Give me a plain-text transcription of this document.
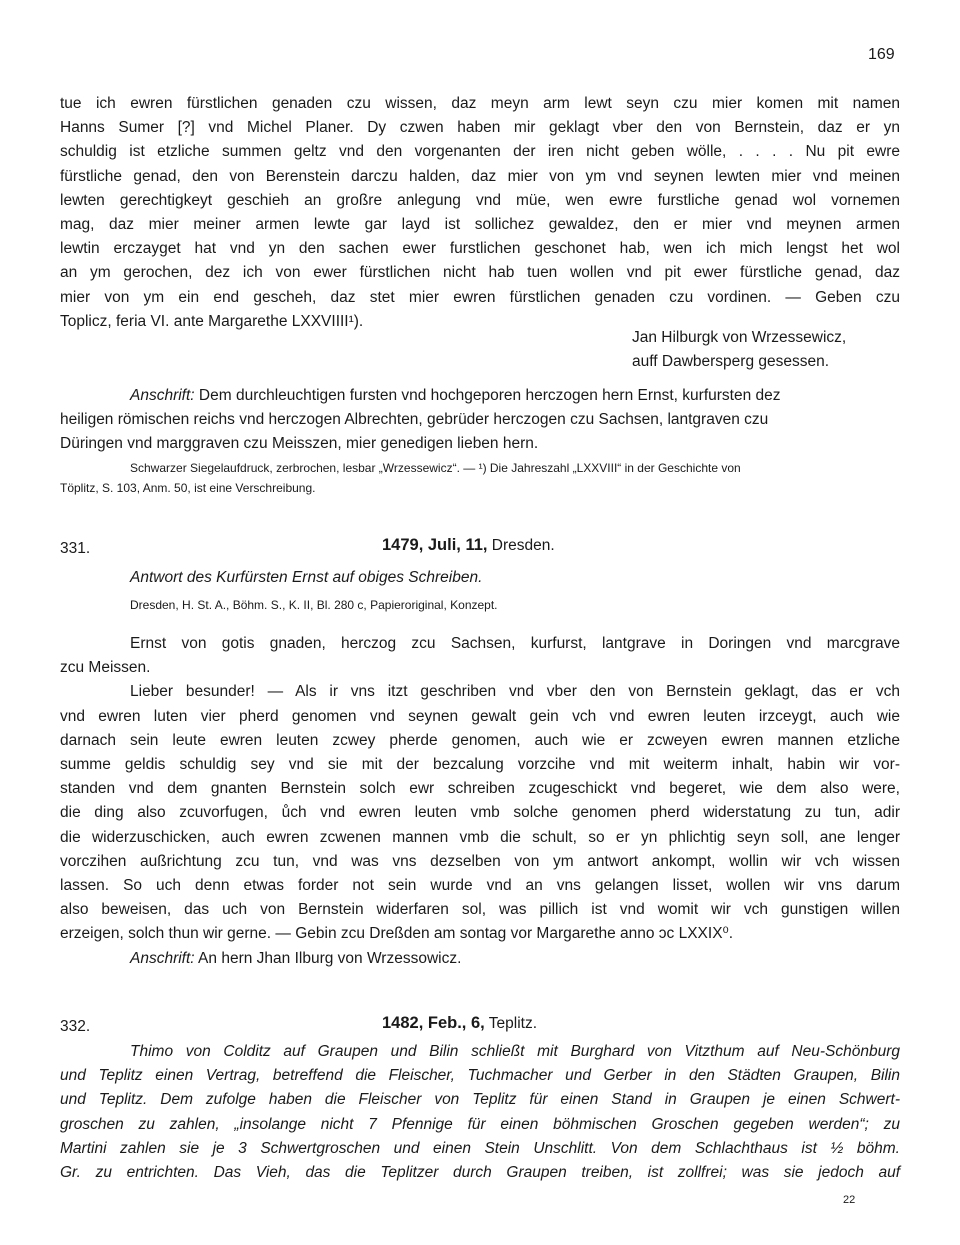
169
tue ich ewren fürstlichen genaden czu wissen, daz meyn arm lewt seyn czu mier komen mit namen
Hanns Sumer [?] vnd Michel Planer. Dy czwen haben mir geklagt vber den von Bernstein, daz er yn
schuldig ist etzliche summen geltz vnd den vorgenanten der iren nicht geben wölle, . . . . Nu pit ewre
fürstliche genad, den von Berenstein darczu halden, daz mier von ym vnd seynen lewten mier vnd meinen
lewten gerechtigkeyt geschieh an großre anlegung vnd müe, wen ewre furstliche genad wol vornemen
mag, daz mier meiner armen lewte gar layd ist sollichez gewaldez, den er mier vnd meynen armen
lewtin erczayget hat vnd yn den sachen ewer furstlichen geschonet hab, wen ich mich lengst het wol
an ym gerochen, dez ich von ewer fürstlichen nicht hab tuen wollen vnd pit ewer fürstliche genad, daz
mier von ym ein end gescheh, daz stet mier ewren fürstlichen genaden czu vordinen. — Geben czu
Toplicz, feria VI. ante Margarethe LXXVIIII¹).
Jan Hilburgk von Wrzessewicz,
auff Dawbersperg gesessen.
Anschrift: Dem durchleuchtigen fursten vnd hochgeporen herczogen hern Ernst, kurfursten dez
heiligen römischen reichs vnd herczogen Albrechten, gebrüder herczogen czu Sachsen, lantgraven czu
Düringen vnd marggraven czu Meisszen, mier genedigen lieben hern.
Schwarzer Siegelaufdruck, zerbrochen, lesbar „Wrzessewicz“. — ¹) Die Jahreszahl „LXXVIII“ in der Geschichte von
Töplitz, S. 103, Anm. 50, ist eine Verschreibung.
331.	1479, Juli, 11, Dresden.
Antwort des Kurfürsten Ernst auf obiges Schreiben.
Dresden, H. St. A., Böhm. S., K. II, Bl. 280 c, Papieroriginal, Konzept.
Ernst von gotis gnaden, herczog zcu Sachsen, kurfurst, lantgrave in Doringen vnd marcgrave
zcu Meissen.
Lieber besunder! — Als ir vns itzt geschriben vnd vber den von Bernstein geklagt, das er vch
vnd ewren luten vier pherd genomen vnd seynen gewalt gein vch vnd ewren leuten irzceygt, auch wie
darnach sein leute ewren leuten zcwey pherde genomen, auch wie er zcweyen ewren mannen etzliche
summe geldis schuldig sey vnd sie mit der bezcalung vorzcihe vnd mit weiterm inhalt, habin wir vor-
standen vnd dem gnanten Bernstein solch ewr schreiben zcugeschickt vnd begeret, wie dem also were,
die ding also zcuvorfugen, ůch vnd ewren leuten vmb solche genomen pherd widerstatung zu tun, adir
die widerzuschicken, auch ewren zcwenen mannen vmb die schult, so er yn phlichtig seyn soll, ane lenger
vorczihen außrichtung zcu tun, vnd was vns dezselben von ym antwort ankompt, wollin wir vch wissen
lassen. So uch denn etwas forder not sein wurde vnd an vns gelangen lisset, wollen wir vns darum
also beweisen, das uch von Bernstein widerfaren sol, was pillich ist vnd womit wir vch gunstigen willen
erzeigen, solch thun wir gerne. — Gebin zcu Dreßden am sontag vor Margarethe anno ɔc LXXIX⁰.
Anschrift: An hern Jhan Ilburg von Wrzessowicz.
332.	1482, Feb., 6, Teplitz.
Thimo von Colditz auf Graupen und Bilin schließt mit Burghard von Vitzthum auf Neu-Schönburg
und Teplitz einen Vertrag, betreffend die Fleischer, Tuchmacher und Gerber in den Städten Graupen, Bilin
und Teplitz. Dem zufolge haben die Fleischer von Teplitz für einen Stand in Graupen je einen Schwert-
groschen zu zahlen, „insolange nicht 7 Pfennige für einen böhmischen Groschen gegeben werden“; zu
Martini zahlen sie je 3 Schwertgroschen und einen Stein Unschlitt. Von dem Schlachthaus ist ½ böhm.
Gr. zu entrichten. Das Vieh, das die Teplitzer durch Graupen treiben, ist zollfrei; was sie jedoch auf
22
